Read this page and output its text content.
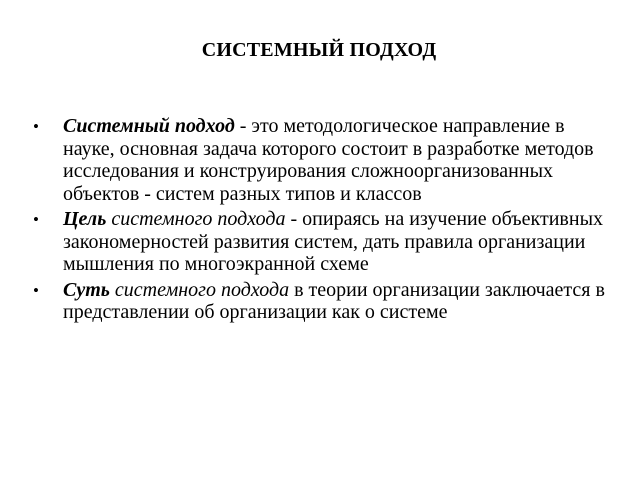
СИСТЕМНЫЙ ПОДХОД
• Системный подход - это методологическое направление в науке, основная задача которого состоит в разработке методов исследования и конструирования сложноорганизованных объектов - систем разных типов и классов
• Цель системного подхода - опираясь на изучение объективных закономерностей развития систем, дать правила организации мышления по многоэкранной схеме
• Суть системного подхода в теории организации заключается в представлении об организации как о системе
